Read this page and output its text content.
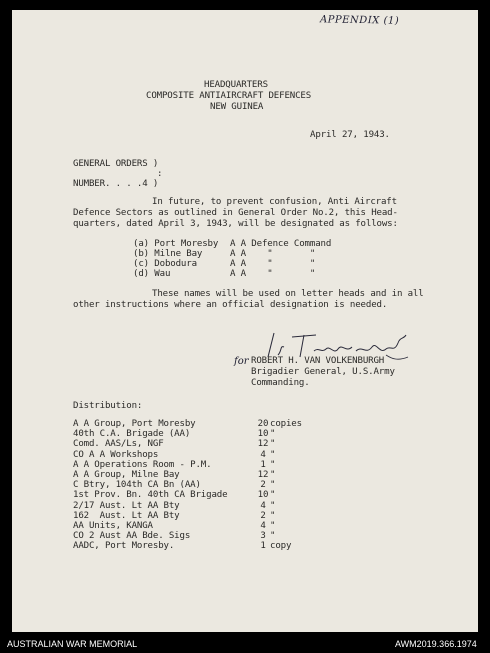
APPENDIX (1)
HEADQUARTERS
COMPOSITE ANTIAIRCRAFT DEFENCES
NEW GUINEA
April 27, 1943.
GENERAL ORDERS )
:
NUMBER. . . .4 )
In future, to prevent confusion, Anti Aircraft
Defence Sectors as outlined in General Order No.2, this Head-
quarters, dated April 3, 1943, will be designated as follows:
(a) Port Moresby A A Defence Command
(b) Milne Bay	A A    "       "
(c) Dobodura	A A    "       "
(d) Wau	A A    "       "
These names will be used on letter heads and in all
other instructions where an official designation is needed.
for ROBERT H. VAN VOLKENBURGH
Brigadier General, U.S.Army
Commanding.
Distribution:
A A Group, Port Moresby	20 copies
40th C.A. Brigade (AA)	10 "
Comd. AAS/Ls, NGF	12 "
CO A A Workshops	4 "
A A Operations Room - P.M.	1 "
A A Group, Milne Bay	12 "
C Btry, 104th CA Bn (AA)	2 "
1st Prov. Bn. 40th CA Brigade	10 "
2/17 Aust. Lt AA Bty	4 "
162  Aust. Lt AA Bty	2 "
AA Units, KANGA	4 "
CO 2 Aust AA Bde. Sigs	3 "
AADC, Port Moresby.	1 copy
AUSTRALIAN WAR MEMORIAL	AWM2019.366.1974
